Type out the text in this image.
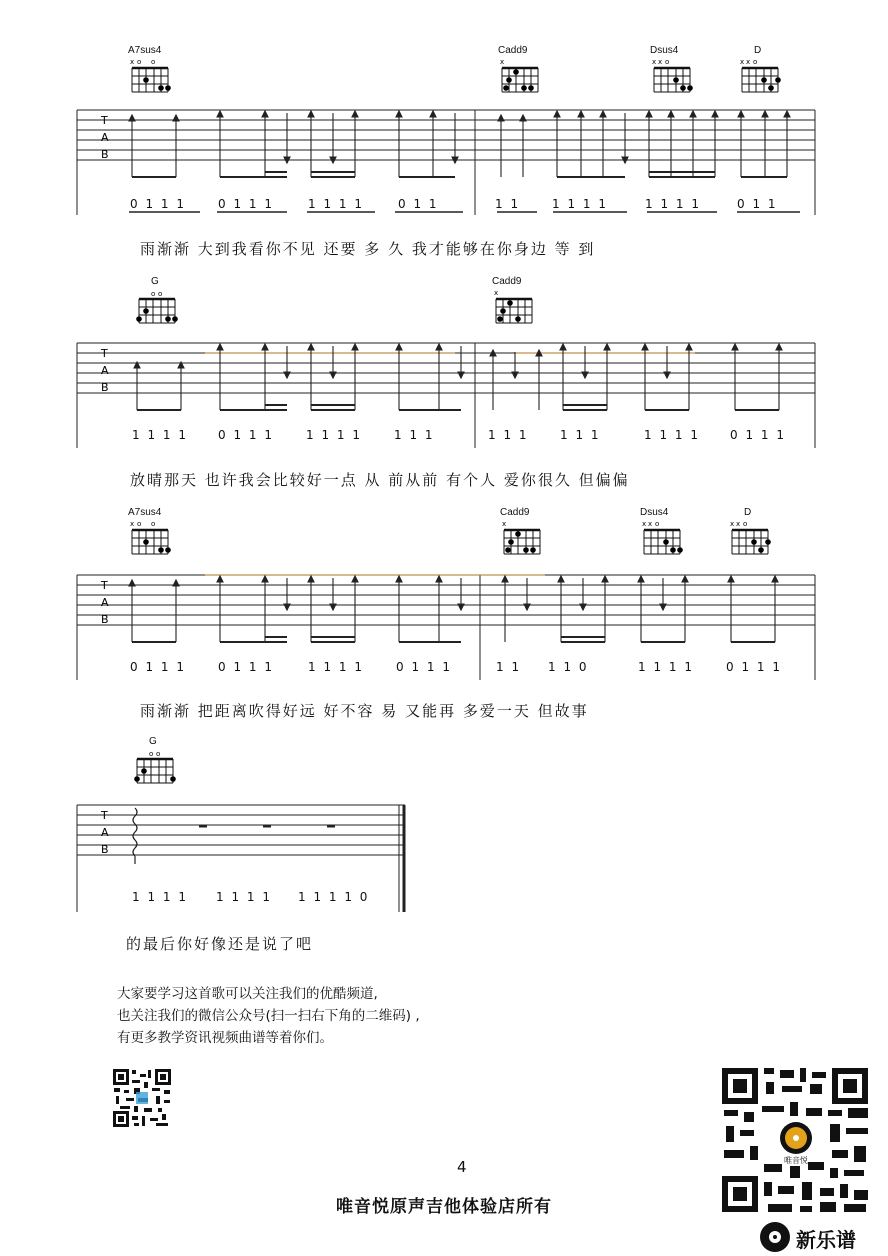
A7sus4
x o o
Cadd9
x
Dsus4
x x o
D
x x o
T
A
B
0 1 1 1	0 1 1 1	1 1 1 1	0 1 1	1 1	1 1 1 1	1 1 1 1	0 1 1
雨渐渐 大到我看你不见 还要 多 久 我才能够在你身边 等 到
G
o o
Cadd9
x
T
A
B
1 1 1 1	0 1 1 1	1 1 1 1	1 1 1	1 1 1	1 1 1	1 1 1 1	0 1 1 1
放晴那天 也许我会比较好一点 从 前从前 有个人 爱你很久 但偏偏
A7sus4
x o o
Cadd9
x
Dsus4
x x o
D
x x o
T
A
B
0 1 1 1	0 1 1 1	1 1 1 1	0 1 1 1	1 1 1 1 0	1 1 1 1	0 1 1 1
雨渐渐 把距离吹得好远 好不容 易 又能再 多爱一天 但故事
G
o o
T
A
B
1 1 1 1	1 1 1 1 1 1 1 1 0
的最后你好像还是说了吧
大家要学习这首歌可以关注我们的优酷频道,
也关注我们的微信公众号(扫一扫右下角的二维码) ,
有更多教学资讯视频曲谱等着你们。
4
唯音悦原声吉他体验店所有
唯音悦
新乐谱
